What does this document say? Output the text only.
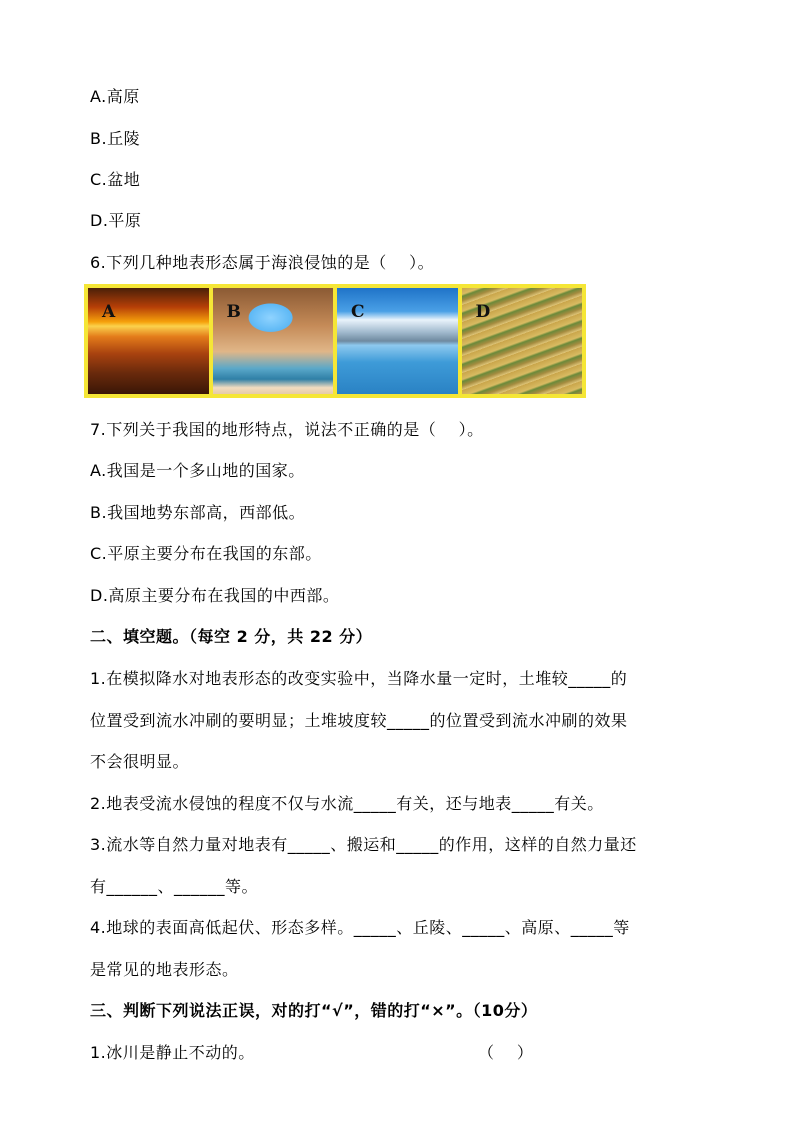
A.高原
B.丘陵
C.盆地
D.平原
6.下列几种地表形态属于海浪侵蚀的是（    ）。
A	B	C	D
7.下列关于我国的地形特点，说法不正确的是（    ）。
A.我国是一个多山地的国家。
B.我国地势东部高，西部低。
C.平原主要分布在我国的东部。
D.高原主要分布在我国的中西部。
二、填空题。（每空 2 分，共 22 分）
1.在模拟降水对地表形态的改变实验中，当降水量一定时，土堆较_____的
位置受到流水冲刷的要明显；土堆坡度较_____的位置受到流水冲刷的效果
不会很明显。
2.地表受流水侵蚀的程度不仅与水流_____有关，还与地表_____有关。
3.流水等自然力量对地表有_____、搬运和_____的作用，这样的自然力量还
有______、______等。
4.地球的表面高低起伏、形态多样。_____、丘陵、_____、高原、_____等
是常见的地表形态。
三、判断下列说法正误，对的打“√”，错的打“×”。（10分）
1.冰川是静止不动的。	（    ）
